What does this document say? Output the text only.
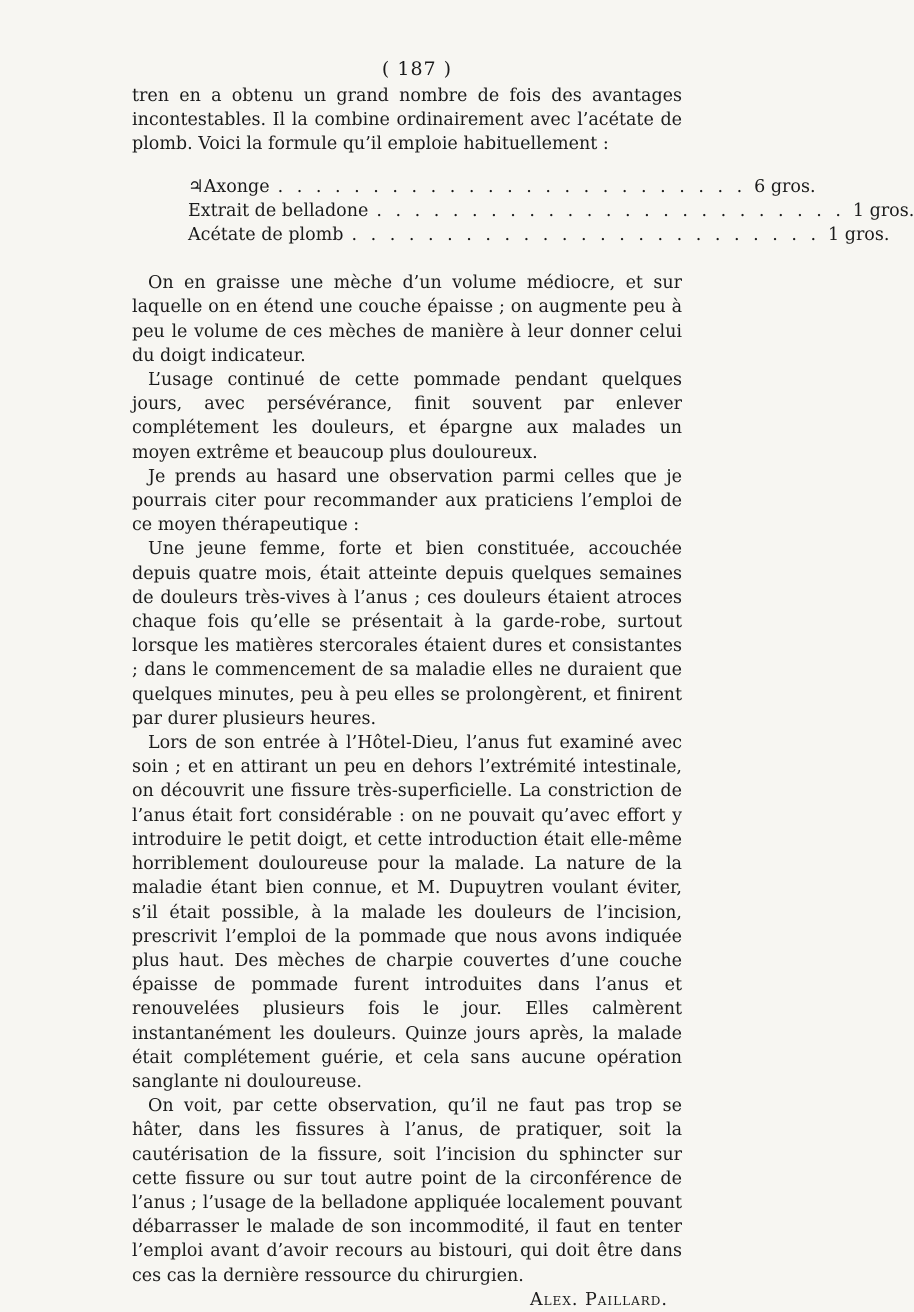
( 187 )

tren en a obtenu un grand nombre de fois des avantages incontestables. Il la combine ordinairement avec l’acétate de plomb. Voici la formule qu’il emploie habituellement :

♃ Axonge . . . . . . . . . . . . . . . . . . . . . . . . . 6 gros.
Extrait de belladone . . . . . . . . . . . . . . . . . . . . . . . . . 1 gros.
Acétate de plomb . . . . . . . . . . . . . . . . . . . . . . . . . 1 gros.

On en graisse une mèche d’un volume médiocre, et sur laquelle on en étend une couche épaisse ; on augmente peu à peu le volume de ces mèches de manière à leur donner celui du doigt indicateur.

L’usage continué de cette pommade pendant quelques jours, avec persévérance, finit souvent par enlever complétement les douleurs, et épargne aux malades un moyen extrême et beaucoup plus douloureux.

Je prends au hasard une observation parmi celles que je pourrais citer pour recommander aux praticiens l’emploi de ce moyen thérapeutique :

Une jeune femme, forte et bien constituée, accouchée depuis quatre mois, était atteinte depuis quelques semaines de douleurs très-vives à l’anus ; ces douleurs étaient atroces chaque fois qu’elle se présentait à la garde-robe, surtout lorsque les matières stercorales étaient dures et consistantes ; dans le commencement de sa maladie elles ne duraient que quelques minutes, peu à peu elles se prolongèrent, et finirent par durer plusieurs heures.

Lors de son entrée à l’Hôtel-Dieu, l’anus fut examiné avec soin ; et en attirant un peu en dehors l’extrémité intestinale, on découvrit une fissure très-superficielle. La constriction de l’anus était fort considérable : on ne pouvait qu’avec effort y introduire le petit doigt, et cette introduction était elle-même horriblement douloureuse pour la malade. La nature de la maladie étant bien connue, et M. Dupuytren voulant éviter, s’il était possible, à la malade les douleurs de l’incision, prescrivit l’emploi de la pommade que nous avons indiquée plus haut. Des mèches de charpie couvertes d’une couche épaisse de pommade furent introduites dans l’anus et renouvelées plusieurs fois le jour. Elles calmèrent instantanément les douleurs. Quinze jours après, la malade était complétement guérie, et cela sans aucune opération sanglante ni douloureuse.

On voit, par cette observation, qu’il ne faut pas trop se hâter, dans les fissures à l’anus, de pratiquer, soit la cautérisation de la fissure, soit l’incision du sphincter sur cette fissure ou sur tout autre point de la circonférence de l’anus ; l’usage de la belladone appliquée localement pouvant débarrasser le malade de son incommodité, il faut en tenter l’emploi avant d’avoir recours au bistouri, qui doit être dans ces cas la dernière ressource du chirurgien.
Alex. Paillard.
